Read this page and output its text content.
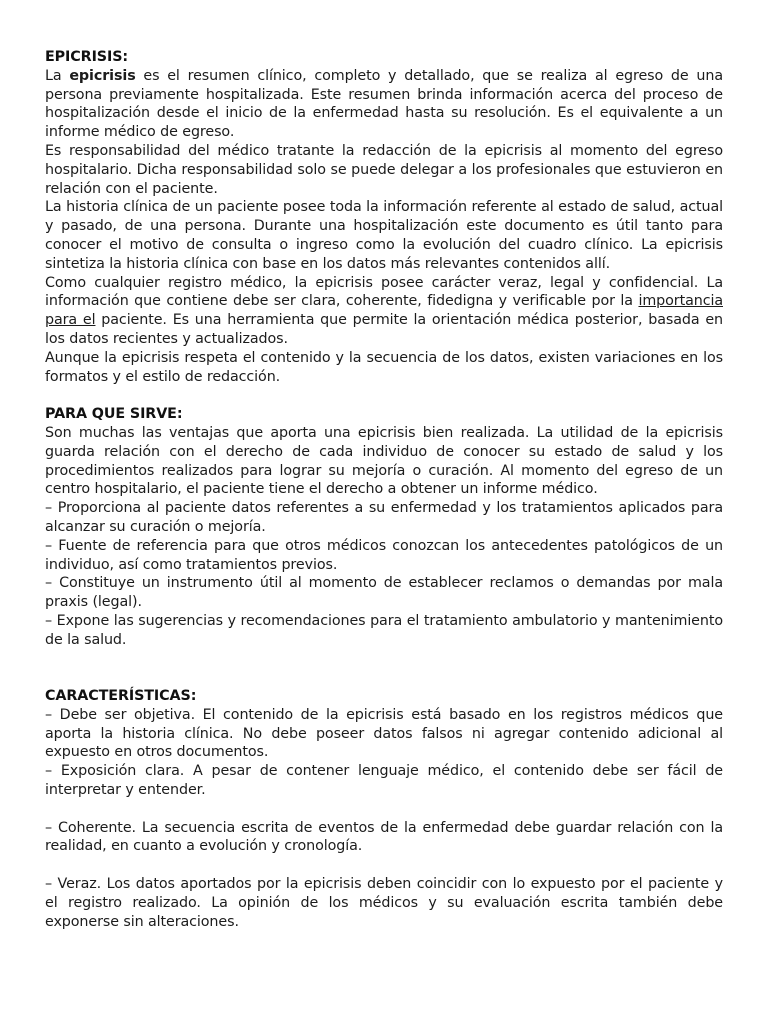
EPICRISIS:

La epicrisis es el resumen clínico, completo y detallado, que se realiza al egreso de una persona previamente hospitalizada. Este resumen brinda información acerca del proceso de hospitalización desde el inicio de la enfermedad hasta su resolución. Es el equivalente a un informe médico de egreso.

Es responsabilidad del médico tratante la redacción de la epicrisis al momento del egreso hospitalario. Dicha responsabilidad solo se puede delegar a los profesionales que estuvieron en relación con el paciente.

La historia clínica de un paciente posee toda la información referente al estado de salud, actual y pasado, de una persona. Durante una hospitalización este documento es útil tanto para conocer el motivo de consulta o ingreso como la evolución del cuadro clínico. La epicrisis sintetiza la historia clínica con base en los datos más relevantes contenidos allí.

Como cualquier registro médico, la epicrisis posee carácter veraz, legal y confidencial. La información que contiene debe ser clara, coherente, fidedigna y verificable por la importancia para el paciente. Es una herramienta que permite la orientación médica posterior, basada en los datos recientes y actualizados.

Aunque la epicrisis respeta el contenido y la secuencia de los datos, existen variaciones en los formatos y el estilo de redacción.

PARA QUE SIRVE:

Son muchas las ventajas que aporta una epicrisis bien realizada. La utilidad de la epicrisis guarda relación con el derecho de cada individuo de conocer su estado de salud y los procedimientos realizados para lograr su mejoría o curación. Al momento del egreso de un centro hospitalario, el paciente tiene el derecho a obtener un informe médico.

– Proporciona al paciente datos referentes a su enfermedad y los tratamientos aplicados para alcanzar su curación o mejoría.

– Fuente de referencia para que otros médicos conozcan los antecedentes patológicos de un individuo, así como tratamientos previos.

– Constituye un instrumento útil al momento de establecer reclamos o demandas por mala praxis (legal).

– Expone las sugerencias y recomendaciones para el tratamiento ambulatorio y mantenimiento de la salud.

CARACTERÍSTICAS:

– Debe ser objetiva. El contenido de la epicrisis está basado en los registros médicos que aporta la historia clínica. No debe poseer datos falsos ni agregar contenido adicional al expuesto en otros documentos.

– Exposición clara. A pesar de contener lenguaje médico, el contenido debe ser fácil de interpretar y entender.

– Coherente. La secuencia escrita de eventos de la enfermedad debe guardar relación con la realidad, en cuanto a evolución y cronología.

– Veraz. Los datos aportados por la epicrisis deben coincidir con lo expuesto por el paciente y el registro realizado. La opinión de los médicos y su evaluación escrita también debe exponerse sin alteraciones.
